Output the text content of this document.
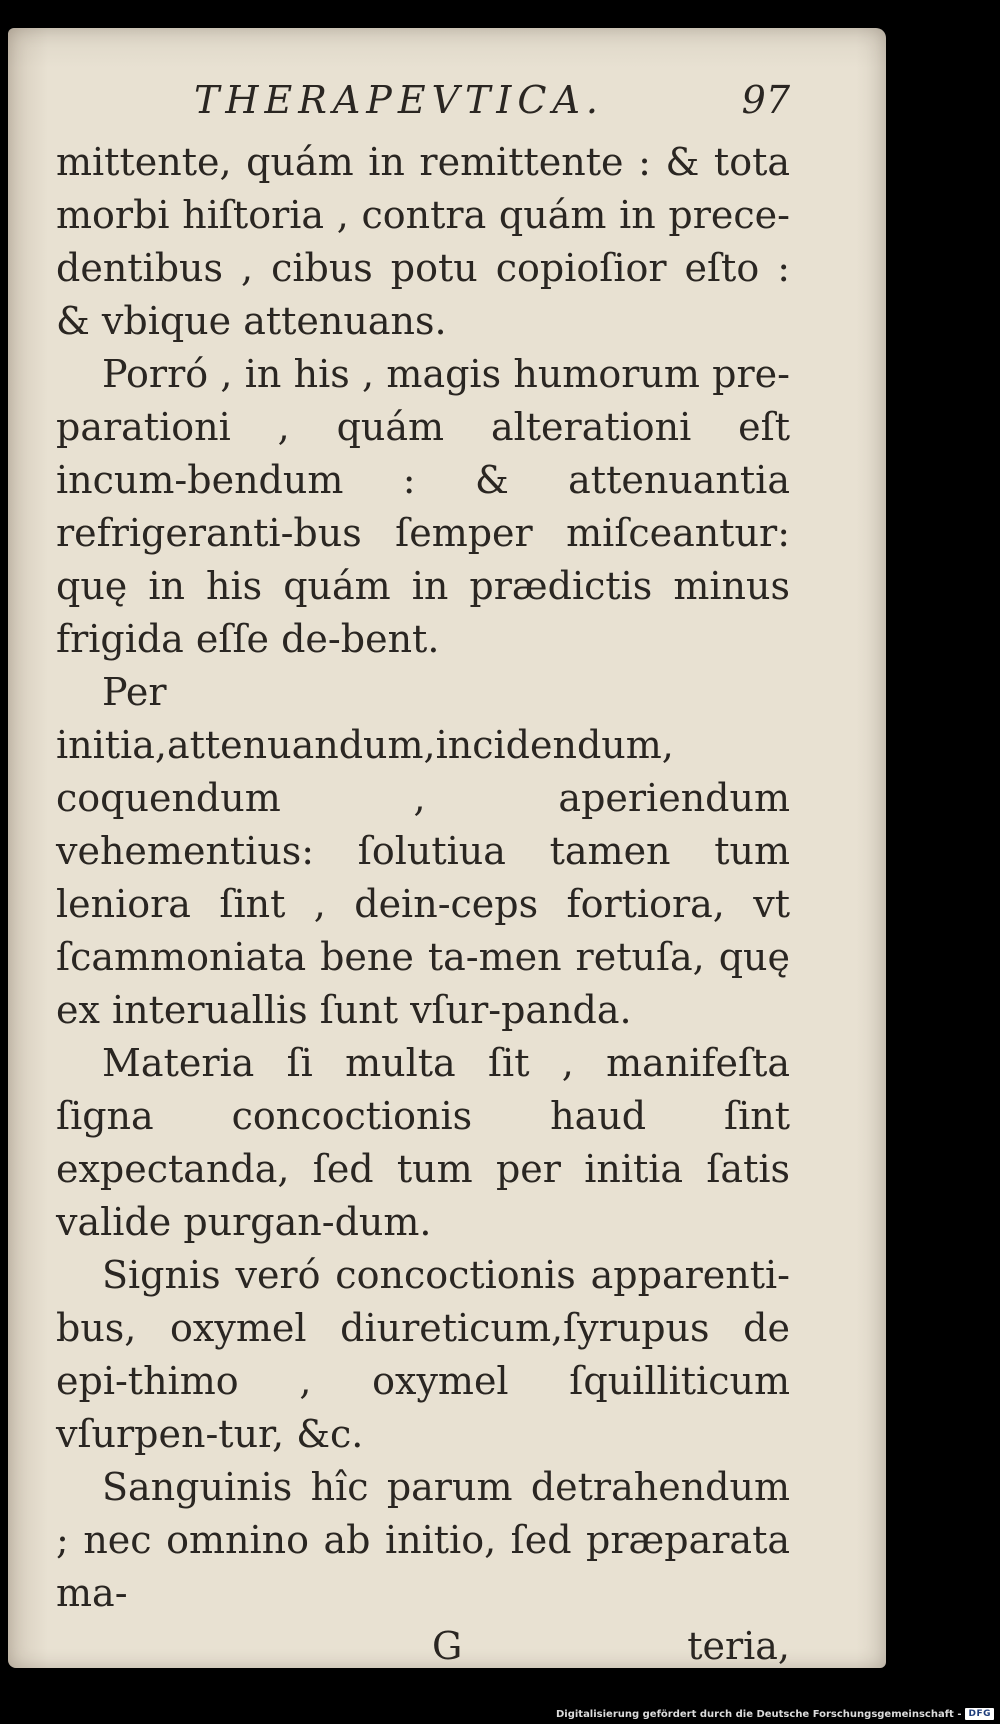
THERAPEVTICA.	97

mittente, quám in remittente : & tota morbi hiſtoria , contra quám in prece-dentibus , cibus potu copioſior eſto : & vbique attenuans.

Porró , in his , magis humorum pre-parationi , quám alterationi eſt incum-bendum : & attenuantia refrigeranti-bus ſemper miſceantur: quę in his quám in prædictis minus frigida eſſe de-bent.

Per initia,attenuandum,incidendum, coquendum , aperiendum vehementius: ſolutiua tamen tum leniora ſint , dein-ceps fortiora, vt ſcammoniata bene ta-men retuſa, quę ex interuallis ſunt vſur-panda.

Materia ſi multa ſit , manifeſta ſigna concoctionis haud ſint expectanda, ſed tum per initia ſatis valide purgan-dum.

Signis veró concoctionis apparenti-bus, oxymel diureticum,ſyrupus de epi-thimo , oxymel ſquilliticum vſurpen-tur, &c.

Sanguinis hîc parum detrahendum ; nec omnino ab initio, ſed præparata ma-

G	teria,
Digitalisierung gefördert durch die Deutsche Forschungsgemeinschaft - DFG
